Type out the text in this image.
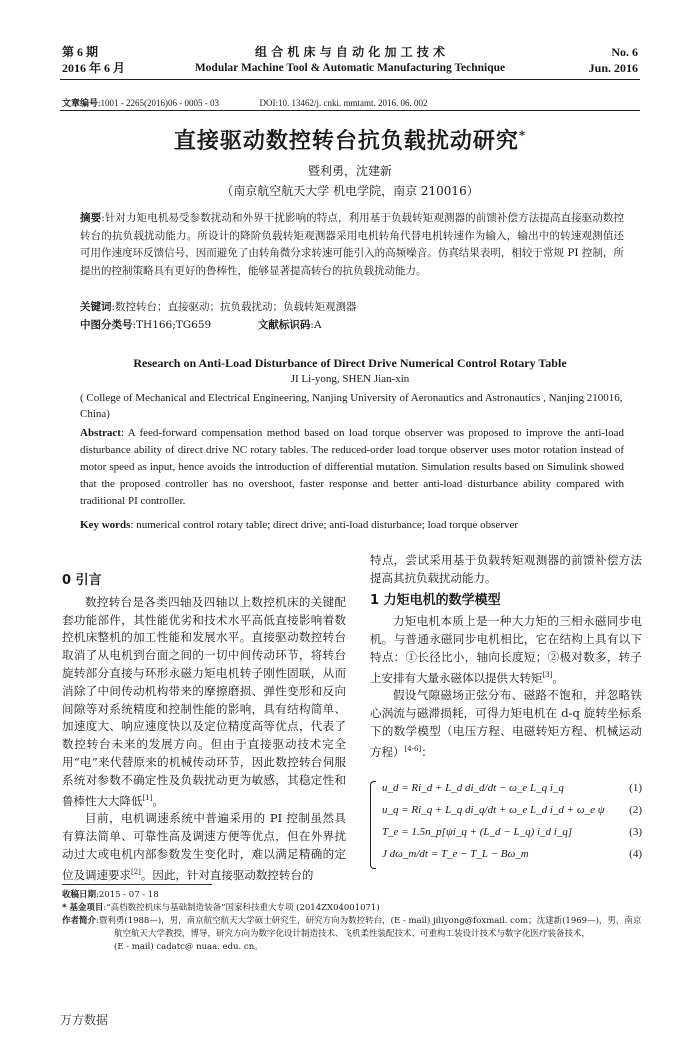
第 6 期
2016 年 6 月
组 合 机 床 与 自 动 化 加 工 技 术
Modular Machine Tool & Automatic Manufacturing Technique
No. 6
Jun. 2016
文章编号:1001 - 2265(2016)06 - 0005 - 03	DOI:10. 13462/j. cnki. mmtamt. 2016. 06. 002
直接驱动数控转台抗负载扰动研究*
暨利勇，沈建新
（南京航空航天大学 机电学院，南京 210016）
摘要:针对力矩电机易受参数扰动和外界干扰影响的特点，利用基于负载转矩观测器的前馈补偿方法提高直接驱动数控转台的抗负载扰动能力。所设计的降阶负载转矩观测器采用电机转角代替电机转速作为输入，输出中的转速观测值还可用作速度环反馈信号，因而避免了由转角微分求转速可能引入的高频噪音。仿真结果表明，相较于常规 PI 控制，所提出的控制策略具有更好的鲁棒性，能够显著提高转台的抗负载扰动能力。
关键词:数控转台；直接驱动；抗负载扰动；负载转矩观测器
中图分类号:TH166;TG659	文献标识码:A
Research on Anti-Load Disturbance of Direct Drive Numerical Control Rotary Table
JI Li-yong, SHEN Jian-xin
( College of Mechanical and Electrical Engineering, Nanjing University of Aeronautics and Astronautics , Nanjing 210016, China)
Abstract: A feed-forward compensation method based on load torque observer was proposed to improve the anti-load disturbance ability of direct drive NC rotary tables. The reduced-order load torque observer uses motor rotation instead of motor speed as input, hence avoids the introduction of differential mutation. Simulation results based on Simulink showed that the proposed controller has no overshoot, faster response and better anti-load disturbance ability compared with traditional PI controller.
Key words: numerical control rotary table; direct drive; anti-load disturbance; load torque observer
0 引言

数控转台是各类四轴及四轴以上数控机床的关键配套功能部件，其性能优劣和技术水平高低直接影响着数控机床整机的加工性能和发展水平。直接驱动数控转台取消了从电机到台面之间的一切中间传动环节，将转台旋转部分直接与环形永磁力矩电机转子刚性固联，从而消除了中间传动机构带来的摩擦磨损、弹性变形和反向间隙等对系统精度和控制性能的影响，具有结构简单、加速度大、响应速度快以及定位精度高等优点，代表了数控转台未来的发展方向。但由于直接驱动技术完全用“电”来代替原来的机械传动环节，因此数控转台伺服系统对参数不确定性及负载扰动更为敏感，其稳定性和鲁棒性大大降低[1]。

目前，电机调速系统中普遍采用的 PI 控制虽然具有算法简单、可靠性高及调速方便等优点，但在外界扰动过大或电机内部参数发生变化时，难以满足精确的定位及调速要求[2]。因此，针对直接驱动数控转台的

特点，尝试采用基于负载转矩观测器的前馈补偿方法提高其抗负载扰动能力。
1 力矩电机的数学模型

力矩电机本质上是一种大力矩的三相永磁同步电机。与普通永磁同步电机相比，它在结构上具有以下特点：①长径比小，轴向长度短；②极对数多，转子上安排有大量永磁体以提供大转矩[3]。

假设气隙磁场正弦分布、磁路不饱和，并忽略铁心涡流与磁滞损耗，可得力矩电机在 d-q 旋转坐标系下的数学模型（电压方程、电磁转矩方程、机械运动方程）[4-6]：

u_d = Ri_d + L_d di_d/dt − ω_e L_q i_q	(1)
u_q = Ri_q + L_q di_q/dt + ω_e L_d i_d + ω_e ψ (2)
T_e = 1.5n_p[ψi_q + (L_d − L_q) i_d i_q]	(3)
J dω_m/dt = T_e − T_L − Bω_m	(4)
收稿日期:2015 - 07 - 18
* 基金项目:“高档数控机床与基础制造装备”国家科技重大专项 (2014ZX04001071)
作者简介:暨利勇(1988—)，男，南京航空航天大学硕士研究生，研究方向为数控转台，(E - mail) jiliyong@foxmail. com；沈建新(1969—)，男，南京
航空航天大学教授，博导，研究方向为数字化设计制造技术、飞机柔性装配技术、可重构工装设计技术与数字化医疗装备技术，
(E - mail) cadatc@ nuaa. edu. cn。
万方数据
